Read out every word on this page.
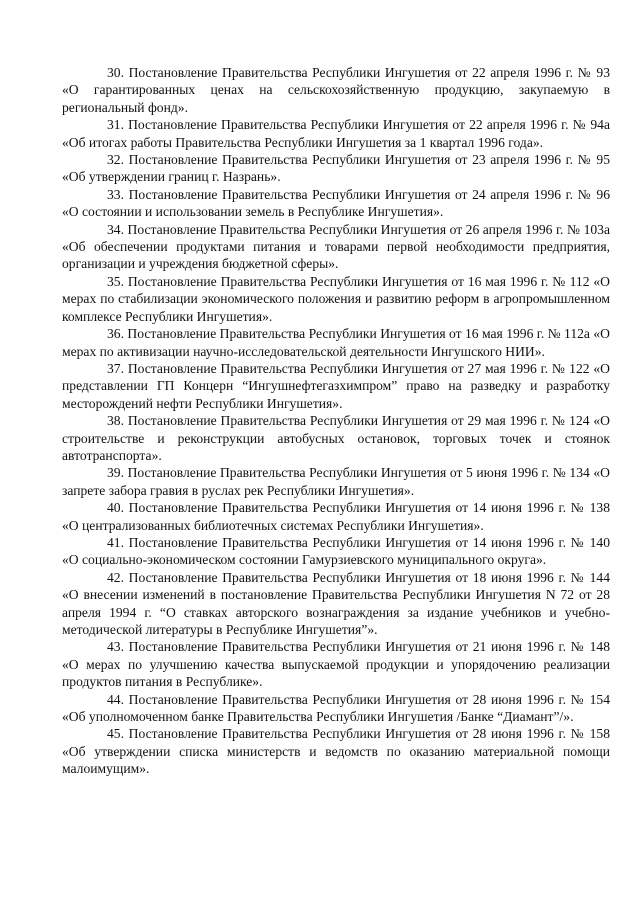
30. Постановление Правительства Республики Ингушетия от 22 апреля 1996 г. № 93 «О гарантированных ценах на сельскохозяйственную продукцию, закупаемую в региональный фонд».

31. Постановление Правительства Республики Ингушетия от 22 апреля 1996 г. № 94а «Об итогах работы Правительства Республики Ингушетия за 1 квартал 1996 года».

32. Постановление Правительства Республики Ингушетия от 23 апреля 1996 г. № 95 «Об утверждении границ г. Назрань».

33. Постановление Правительства Республики Ингушетия от 24 апреля 1996 г. № 96 «О состоянии и использовании земель в Республике Ингушетия».

34. Постановление Правительства Республики Ингушетия от 26 апреля 1996 г. № 103а «Об обеспечении продуктами питания и товарами первой необходимости предприятия, организации и учреждения бюджетной сферы».

35. Постановление Правительства Республики Ингушетия от 16 мая 1996 г. № 112 «О мерах по стабилизации экономического положения и развитию реформ в агропромышленном комплексе Республики Ингушетия».

36. Постановление Правительства Республики Ингушетия от 16 мая 1996 г. № 112а «О мерах по активизации научно-исследовательской деятельности Ингушского НИИ».

37. Постановление Правительства Республики Ингушетия от 27 мая 1996 г. № 122 «О представлении ГП Концерн “Ингушнефтегазхимпром” право на разведку и разработку месторождений нефти Республики Ингушетия».

38. Постановление Правительства Республики Ингушетия от 29 мая 1996 г. № 124 «О строительстве и реконструкции автобусных остановок, торговых точек и стоянок автотранспорта».

39. Постановление Правительства Республики Ингушетия от 5 июня 1996 г. № 134 «О запрете забора гравия в руслах рек Республики Ингушетия».

40. Постановление Правительства Республики Ингушетия от 14 июня 1996 г. № 138 «О централизованных библиотечных системах Республики Ингушетия».

41. Постановление Правительства Республики Ингушетия от 14 июня 1996 г. № 140 «О социально-экономическом состоянии Гамурзиевского муниципального округа».

42. Постановление Правительства Республики Ингушетия от 18 июня 1996 г. № 144 «О внесении изменений в постановление Правительства Республики Ингушетия N 72 от 28 апреля 1994 г. “О ставках авторского вознаграждения за издание учебников и учебно-методической литературы в Республике Ингушетия”».

43. Постановление Правительства Республики Ингушетия от 21 июня 1996 г. № 148 «О мерах по улучшению качества выпускаемой продукции и упорядочению реализации продуктов питания в Республике».

44. Постановление Правительства Республики Ингушетия от 28 июня 1996 г. № 154 «Об уполномоченном банке Правительства Республики Ингушетия /Банке “Диамант”/».

45. Постановление Правительства Республики Ингушетия от 28 июня 1996 г. № 158 «Об утверждении списка министерств и ведомств по оказанию материальной помощи малоимущим».
